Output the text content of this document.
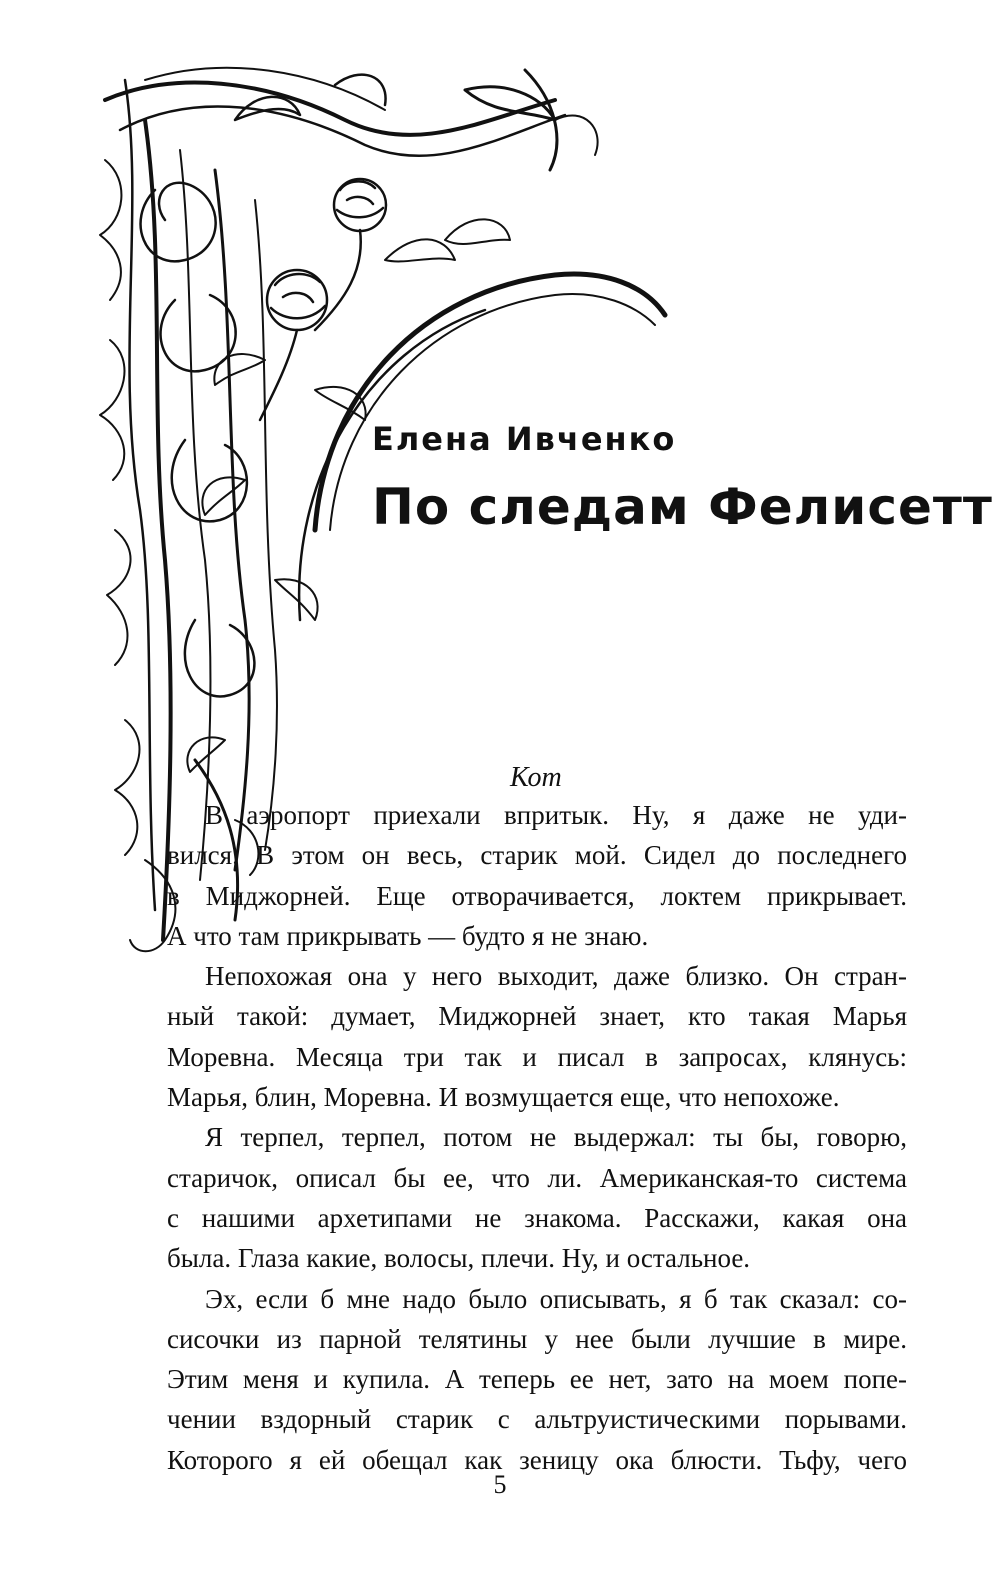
Елена Ивченко
По следам Фелисетт

Кот

В аэропорт приехали впритык. Ну, я даже не уди-
вился. В этом он весь, старик мой. Сидел до последнего
в Миджорней. Еще отворачивается, локтем прикрывает.
А что там прикрывать — будто я не знаю.
Непохожая она у него выходит, даже близко. Он стран-
ный такой: думает, Миджорней знает, кто такая Марья
Моревна. Месяца три так и писал в запросах, клянусь:
Марья, блин, Моревна. И возмущается еще, что непохоже.
Я терпел, терпел, потом не выдержал: ты бы, говорю,
старичок, описал бы ее, что ли. Американская-то система
с нашими архетипами не знакома. Расскажи, какая она
была. Глаза какие, волосы, плечи. Ну, и остальное.
Эх, если б мне надо было описывать, я б так сказал: со-
сисочки из парной телятины у нее были лучшие в мире.
Этим меня и купила. А теперь ее нет, зато на моем попе-
чении вздорный старик с альтруистическими порывами.
Которого я ей обещал как зеницу ока блюсти. Тьфу, чего
5
